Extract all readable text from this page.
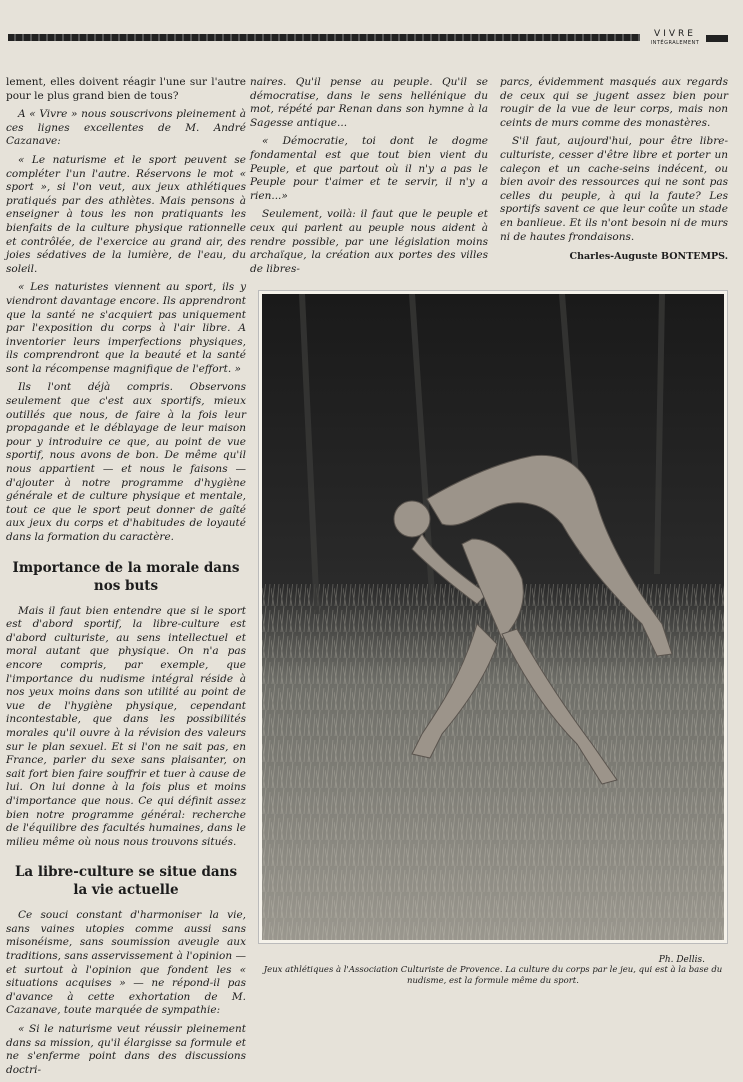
VIVRE
INTÉGRALEMENT

lement, elles doivent réagir l'une sur l'autre pour le plus grand bien de tous?

A « Vivre » nous souscrivons pleinement à ces lignes excellentes de M. André Cazanave:

« Le naturisme et le sport peuvent se compléter l'un l'autre. Réservons le mot « sport », si l'on veut, aux jeux athlétiques pratiqués par des athlètes. Mais pensons à enseigner à tous les non pratiquants les bienfaits de la culture physique rationnelle et contrôlée, de l'exercice au grand air, des joies sédatives de la lumière, de l'eau, du soleil.

« Les naturistes viennent au sport, ils y viendront davantage encore. Ils apprendront que la santé ne s'acquiert pas uniquement par l'exposition du corps à l'air libre. A inventorier leurs imperfections physiques, ils comprendront que la beauté et la santé sont la récompense magnifique de l'effort. »

Ils l'ont déjà compris. Observons seulement que c'est aux sportifs, mieux outillés que nous, de faire à la fois leur propagande et le déblayage de leur maison pour y introduire ce que, au point de vue sportif, nous avons de bon. De même qu'il nous appartient — et nous le faisons — d'ajouter à notre programme d'hygiène générale et de culture physique et mentale, tout ce que le sport peut donner de gaîté aux jeux du corps et d'habitudes de loyauté dans la formation du caractère.

Importance de la morale dans nos buts

Mais il faut bien entendre que si le sport est d'abord sportif, la libre-culture est d'abord culturiste, au sens intellectuel et moral autant que physique. On n'a pas encore compris, par exemple, que l'importance du nudisme intégral réside à nos yeux moins dans son utilité au point de vue de l'hygiène physique, cependant incontestable, que dans les possibilités morales qu'il ouvre à la révision des valeurs sur le plan sexuel. Et si l'on ne sait pas, en France, parler du sexe sans plaisanter, on sait fort bien faire souffrir et tuer à cause de lui. On lui donne à la fois plus et moins d'importance que nous. Ce qui définit assez bien notre programme général: recherche de l'équilibre des facultés humaines, dans le milieu même où nous nous trouvons situés.

La libre-culture se situe dans la vie actuelle

Ce souci constant d'harmoniser la vie, sans vaines utopies comme aussi sans misonéisme, sans soumission aveugle aux traditions, sans asservissement à l'opinion — et surtout à l'opinion que fondent les « situations acquises » — ne répond-il pas d'avance à cette exhortation de M. Cazanave, toute marquée de sympathie:

« Si le naturisme veut réussir pleinement dans sa mission, qu'il élargisse sa formule et ne s'enferme point dans des discussions doctri-

naires. Qu'il pense au peuple. Qu'il se démocratise, dans le sens hellénique du mot, répété par Renan dans son hymne à la Sagesse antique...

« Démocratie, toi dont le dogme fondamental est que tout bien vient du Peuple, et que partout où il n'y a pas le Peuple pour t'aimer et te servir, il n'y a rien...»

Seulement, voilà: il faut que le peuple et ceux qui parlent au peuple nous aident à rendre possible, par une législation moins archaïque, la création aux portes des villes de libres-

parcs, évidemment masqués aux regards de ceux qui se jugent assez bien pour rougir de la vue de leur corps, mais non ceints de murs comme des monastères.

S'il faut, aujourd'hui, pour être libre-culturiste, cesser d'être libre et porter un caleçon et un cache-seins indécent, ou bien avoir des ressources qui ne sont pas celles du peuple, à qui la faute? Les sportifs savent ce que leur coûte un stade en banlieue. Et ils n'ont besoin ni de murs ni de hautes frondaisons.

Charles-Auguste BONTEMPS.

Ph. Dellis.
Jeux athlétiques à l'Association Culturiste de Provence. La culture du corps par le jeu, qui est à la base du nudisme, est la formule même du sport.
